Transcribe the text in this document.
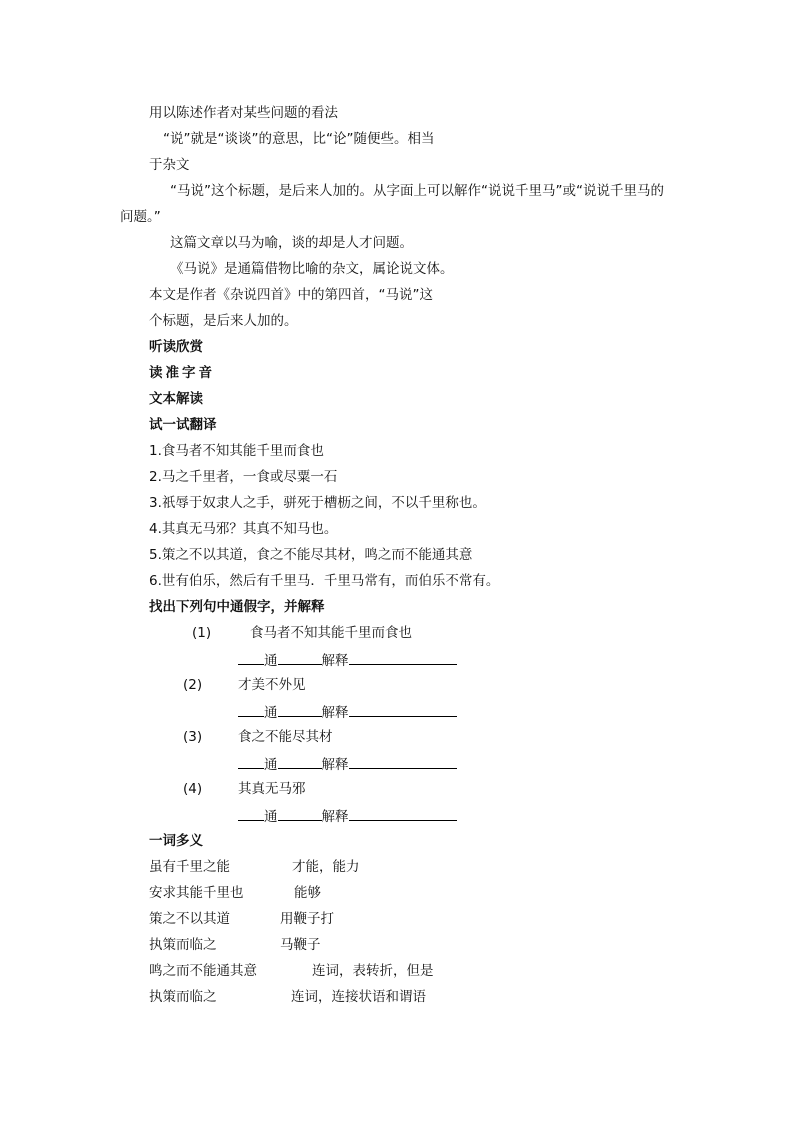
用以陈述作者对某些问题的看法
“说”就是“谈谈”的意思，比“论”随便些。相当
于杂文
“马说”这个标题，是后来人加的。从字面上可以解作“说说千里马”或“说说千里马的
问题。”
这篇文章以马为喻，谈的却是人才问题。
《马说》是通篇借物比喻的杂文，属论说文体。
本文是作者《杂说四首》中的第四首，“马说”这
个标题，是后来人加的。
听读欣赏
读准字音
文本解读
试一试翻译
1.食马者不知其能千里而食也
2.马之千里者，一食或尽粟一石
3.祇辱于奴隶人之手，骈死于槽枥之间，不以千里称也。
4.其真无马邪？其真不知马也。
5.策之不以其道，食之不能尽其材，鸣之而不能通其意
6.世有伯乐，然后有千里马．千里马常有，而伯乐不常有。
找出下列句中通假字，并解释
(1)	食马者不知其能千里而食也
通	解释
(2)	才美不外见
通	解释
(3)	食之不能尽其材
通	解释
(4)	其真无马邪
通	解释
一词多义
虽有千里之能	才能，能力
安求其能千里也	能够
策之不以其道	用鞭子打
执策而临之	马鞭子
鸣之而不能通其意	连词，表转折，但是
执策而临之	连词，连接状语和谓语
